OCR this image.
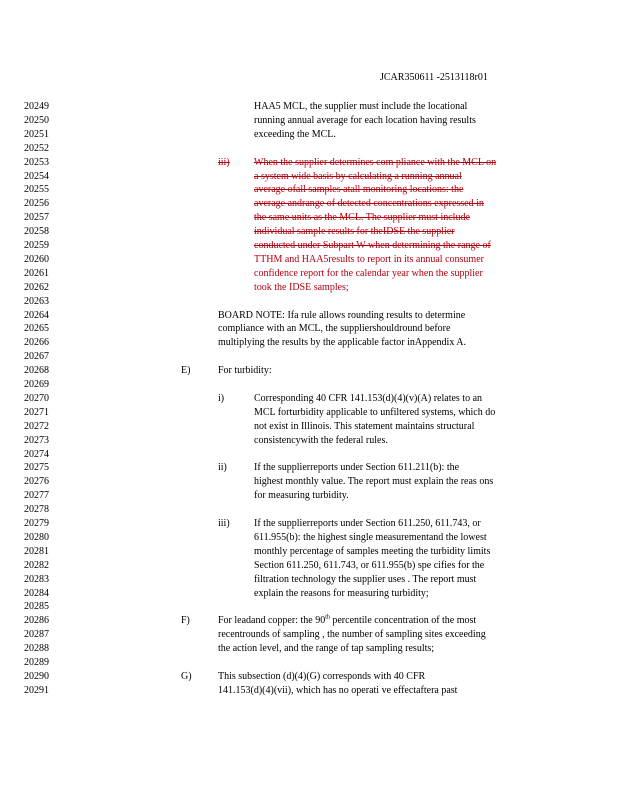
JCAR350611 -2513118r01
20249
20250
20251
20252
20253
20254
20255
20256
20257
20258
20259
20260
20261
20262
20263
20264
20265
20266
20267
20268
20269
20270
20271
20272
20273
20274
20275
20276
20277
20278
20279
20280
20281
20282
20283
20284
20285
20286
20287
20288
20289
20290
20291

HAA5 MCL, the supplier must include the locational

running annual average for each location having results

exceeding the MCL.

iii) When the supplier determines com pliance with the MCL on

a system wide basis by calculating a running annual

average ofall samples atall monitoring locations: the

average andrange of detected concentrations expressed in

the same units as the MCL. The supplier must include

individual sample results for theIDSE the supplier

conducted under Subpart W when determining the range of

TTHM and HAA5results to report in its annual consumer

confidence report for the calendar year when the supplier

took the IDSE samples;

BOARD NOTE: Ifa rule allows rounding results to determine

compliance with an MCL, the suppliershouldround before

multiplying the results by the applicable factor inAppendix A.

E)	For turbidity:
i)	Corresponding 40 CFR 141.153(d)(4)(v)(A) relates to an

MCL forturbidity applicable to unfiltered systems, which do

not exist in Illinois. This statement maintains structural

consistencywith the federal rules.

ii)	If the supplierreports under Section 611.211(b): the

highest monthly value. The report must explain the reas ons

for measuring turbidity.

iii) If the supplierreports under Section 611.250, 611.743, or

611.955(b): the highest single measurementand the lowest

monthly percentage of samples meeting the turbidity limits

Section 611.250, 611.743, or 611.955(b) spe cifies for the

filtration technology the supplier uses . The report must

explain the reasons for measuring turbidity;

F)	For leadand copper: the 90th percentile concentration of the most

recentrounds of sampling , the number of sampling sites exceeding

the action level, and the range of tap sampling results;

G)	This subsection (d)(4)(G) corresponds with 40 CFR

141.153(d)(4)(vii), which has no operati ve effectaftera past
